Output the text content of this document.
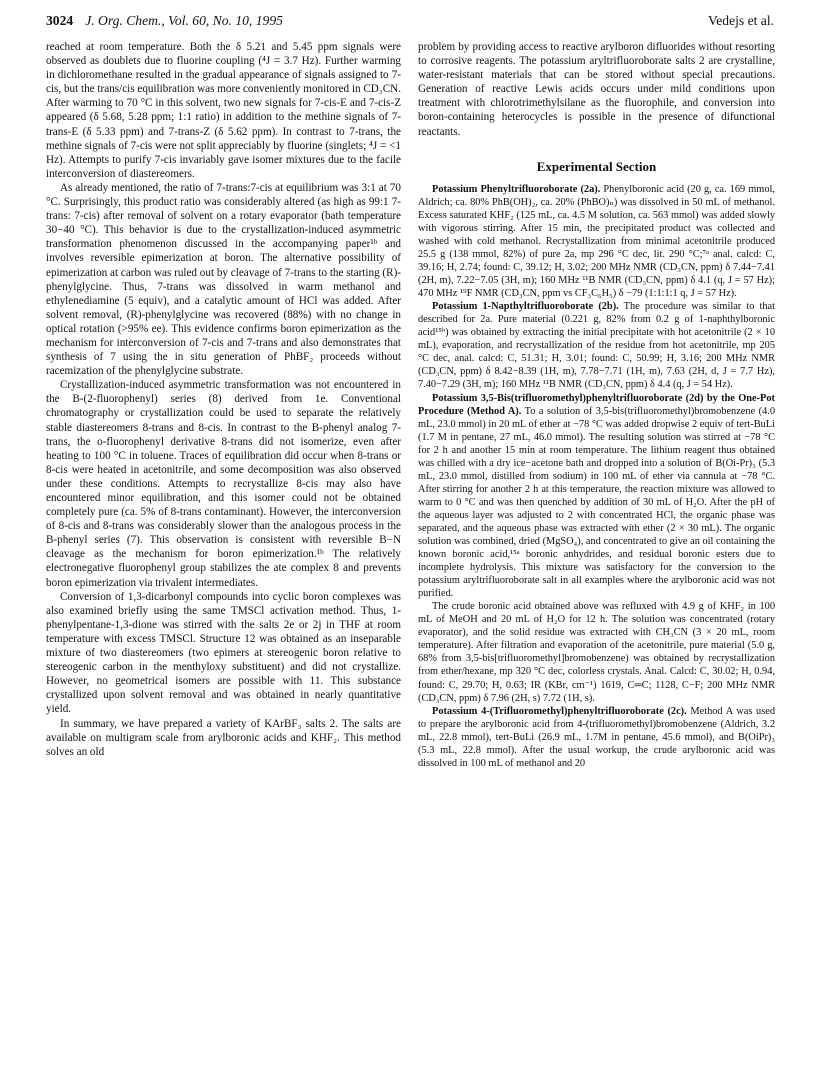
3024 J. Org. Chem., Vol. 60, No. 10, 1995	Vedejs et al.

reached at room temperature. Both the δ 5.21 and 5.45 ppm signals were observed as doublets due to fluorine coupling (⁴J = 3.7 Hz). Further warming in dichloromethane resulted in the gradual appearance of signals assigned to 7-cis, but the trans/cis equilibration was more conveniently monitored in CD₃CN. After warming to 70 °C in this solvent, two new signals for 7-cis-E and 7-cis-Z appeared (δ 5.68, 5.28 ppm; 1:1 ratio) in addition to the methine signals of 7-trans-E (δ 5.33 ppm) and 7-trans-Z (δ 5.62 ppm). In contrast to 7-trans, the methine signals of 7-cis were not split appreciably by fluorine (singlets; ⁴J = <1 Hz). Attempts to purify 7-cis invariably gave isomer mixtures due to the facile interconversion of diastereomers.

As already mentioned, the ratio of 7-trans:7-cis at equilibrium was 3:1 at 70 °C. Surprisingly, this product ratio was considerably altered (as high as 99:1 7-trans: 7-cis) after removal of solvent on a rotary evaporator (bath temperature 30−40 °C). This behavior is due to the crystallization-induced asymmetric transformation phenomenon discussed in the accompanying paper¹ᵇ and involves reversible epimerization at boron. The alternative possibility of epimerization at carbon was ruled out by cleavage of 7-trans to the starting (R)-phenylglycine. Thus, 7-trans was dissolved in warm methanol and ethylenediamine (5 equiv), and a catalytic amount of HCl was added. After solvent removal, (R)-phenylglycine was recovered (88%) with no change in optical rotation (>95% ee). This evidence confirms boron epimerization as the mechanism for interconversion of 7-cis and 7-trans and also demonstrates that synthesis of 7 using the in situ generation of PhBF₂ proceeds without racemization of the phenylglycine substrate.

Crystallization-induced asymmetric transformation was not encountered in the B-(2-fluorophenyl) series (8) derived from 1e. Conventional chromatography or crystallization could be used to separate the relatively stable diastereomers 8-trans and 8-cis. In contrast to the B-phenyl analog 7-trans, the o-fluorophenyl derivative 8-trans did not isomerize, even after heating to 100 °C in toluene. Traces of equilibration did occur when 8-trans or 8-cis were heated in acetonitrile, and some decomposition was also observed under these conditions. Attempts to recrystallize 8-cis may also have encountered minor equilibration, and this isomer could not be obtained completely pure (ca. 5% of 8-trans contaminant). However, the interconversion of 8-cis and 8-trans was considerably slower than the analogous process in the B-phenyl series (7). This observation is consistent with reversible B−N cleavage as the mechanism for boron epimerization.¹ᵇ The relatively electronegative fluorophenyl group stabilizes the ate complex 8 and prevents boron epimerization via trivalent intermediates.

Conversion of 1,3-dicarbonyl compounds into cyclic boron complexes was also examined briefly using the same TMSCl activation method. Thus, 1-phenylpentane-1,3-dione was stirred with the salts 2e or 2j in THF at room temperature with excess TMSCl. Structure 12 was obtained as an inseparable mixture of two diastereomers (two epimers at stereogenic boron relative to stereogenic carbon in the menthyloxy substituent) and did not crystallize. However, no geometrical isomers are possible with 11. This substance crystallized upon solvent removal and was obtained in nearly quantitative yield.

In summary, we have prepared a variety of KArBF₃ salts 2. The salts are available on multigram scale from arylboronic acids and KHF₂. This method solves an old

problem by providing access to reactive arylboron difluorides without resorting to corrosive reagents. The potassium aryltrifluoroborate salts 2 are crystalline, water-resistant materials that can be stored without special precautions. Generation of reactive Lewis acids occurs under mild conditions upon treatment with chlorotrimethylsilane as the fluorophile, and conversion into boron-containing heterocycles is possible in the presence of difunctional reactants.

Experimental Section

Potassium Phenyltrifluoroborate (2a). Phenylboronic acid (20 g, ca. 169 mmol, Aldrich; ca. 80% PhB(OH)₂, ca. 20% (PhBO)ₙ) was dissolved in 50 mL of methanol. Excess saturated KHF₂ (125 mL, ca. 4.5 M solution, ca. 563 mmol) was added slowly with vigorous stirring. After 15 min, the precipitated product was collected and washed with cold methanol. Recrystallization from minimal acetonitrile produced 25.5 g (138 mmol, 82%) of pure 2a, mp 296 °C dec, lit. 290 °C;⁷ᵃ anal. calcd: C, 39.16; H, 2.74; found: C, 39.12; H, 3.02; 200 MHz NMR (CD₃CN, ppm) δ 7.44−7.41 (2H, m), 7.22−7.05 (3H, m); 160 MHz ¹¹B NMR (CD₃CN, ppm) δ 4.1 (q, J = 57 Hz); 470 MHz ¹⁹F NMR (CD₃CN, ppm vs CF₃C₆H₅) δ −79 (1:1:1:1 q, J = 57 Hz).

Potassium 1-Napthyltrifluoroborate (2b). The procedure was similar to that described for 2a. Pure material (0.221 g, 82% from 0.2 g of 1-naphthylboronic acid¹⁵ᵇ) was obtained by extracting the initial precipitate with hot acetonitrile (2 × 10 mL), evaporation, and recrystallization of the residue from hot acetonitrile, mp 205 °C dec, anal. calcd: C, 51.31; H, 3.01; found: C, 50.99; H, 3.16; 200 MHz NMR (CD₃CN, ppm) δ 8.42−8.39 (1H, m), 7.78−7.71 (1H, m), 7.63 (2H, d, J = 7.7 Hz), 7.40−7.29 (3H, m); 160 MHz ¹¹B NMR (CD₃CN, ppm) δ 4.4 (q, J = 54 Hz).

Potassium 3,5-Bis(trifluoromethyl)phenyltrifluoroborate (2d) by the One-Pot Procedure (Method A). To a solution of 3,5-bis(trifluoromethyl)bromobenzene (4.0 mL, 23.0 mmol) in 20 mL of ether at −78 °C was added dropwise 2 equiv of tert-BuLi (1.7 M in pentane, 27 mL, 46.0 mmol). The resulting solution was stirred at −78 °C for 2 h and another 15 min at room temperature. The lithium reagent thus obtained was chilled with a dry ice−acetone bath and dropped into a solution of B(Oi-Pr)₃ (5.3 mL, 23.0 mmol, distilled from sodium) in 100 mL of ether via cannula at −78 °C. After stirring for another 2 h at this temperature, the reaction mixture was allowed to warm to 0 °C and was then quenched by addition of 30 mL of H₂O. After the pH of the aqueous layer was adjusted to 2 with concentrated HCl, the organic phase was separated, and the aqueous phase was extracted with ether (2 × 30 mL). The organic solution was combined, dried (MgSO₄), and concentrated to give an oil containing the known boronic acid,¹⁵ᵃ boronic anhydrides, and residual boronic esters due to incomplete hydrolysis. This mixture was satisfactory for the conversion to the potassium aryltrifluoroborate salt in all examples where the arylboronic acid was not purified.

The crude boronic acid obtained above was refluxed with 4.9 g of KHF₂ in 100 mL of MeOH and 20 mL of H₂O for 12 h. The solution was concentrated (rotary evaporator), and the solid residue was extracted with CH₃CN (3 × 20 mL, room temperature). After filtration and evaporation of the acetonitrile, pure material (5.0 g, 68% from 3,5-bis[trifluoromethyl]bromobenzene) was obtained by recrystallization from ether/hexane, mp 320 °C dec, colorless crystals. Anal. Calcd: C, 30.02; H, 0.94, found: C, 29.70; H, 0.63; IR (KBr, cm⁻¹) 1619, C═C; 1128, C−F; 200 MHz NMR (CD₃CN, ppm) δ 7.96 (2H, s) 7.72 (1H, s).

Potassium 4-(Trifluoromethyl)phenyltrifluoroborate (2c). Method A was used to prepare the arylboronic acid from 4-(trifluoromethyl)bromobenzene (Aldrich, 3.2 mL, 22.8 mmol), tert-BuLi (26.9 mL, 1.7M in pentane, 45.6 mmol), and B(OiPr)₃ (5.3 mL, 22.8 mmol). After the usual workup, the crude arylboronic acid was dissolved in 100 mL of methanol and 20
